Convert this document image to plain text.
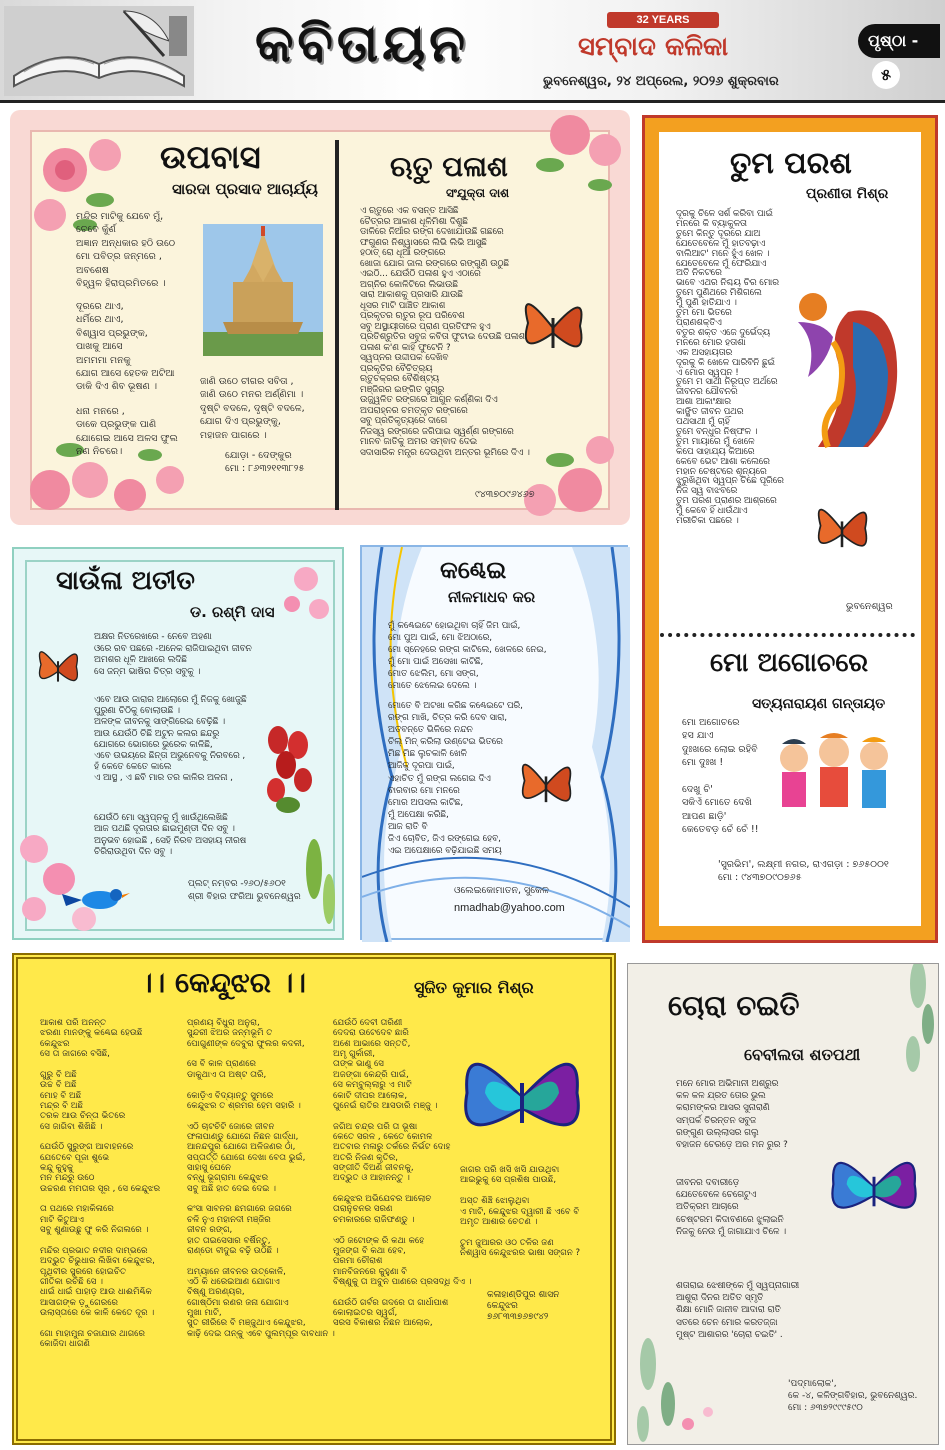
କବିତାୟନ	32 YEARS
ସମ୍ବାଦ କଳିକା
ଭୁବନେଶ୍ୱର, ୨୪ ଅପ୍ରେଲ, ୨୦୨୬ ଶୁକ୍ରବାର
ପୃଷ୍ଠା -୫
ଉପବାସ
ସାରଦା ପ୍ରସାଦ ଆଚାର୍ଯ୍ୟ
ମନ୍ଦିର ମାଟିକୁ ଯେବେ ମୁଁ,
ଚେବେ କୁଁର୍ଣ
ଅଜ୍ଞାନ ଅନ୍ଧକାର ହଠି ଉଠେ
ମୋ ପବିତ୍ର ଜନ୍ମରେ ,
ଅବଶେଷ
ବିହ୍ୱଳ ହିରାପ୍ରମିତରେ ।
ଦୂରରେ ଥାଏ,
ଧର୍ମିରେ ଥାଏ,
ବିଶ୍ୱାସ ପ୍ରଭୁଙ୍କ,
ପାଖକୁ ଆସେ
ଅମମମା ମନକୁ
ଯୋଗ ଆସେ ହେତକ ଅଟିଆ
ଡାକି ଦିଏ ଶିବ ଭୂଷଣ ।
ଧନା ମନରେ ,
ଡାକେ ପ୍ରଭୁଙ୍କ ପାଣି
ଯୋଗେଇ ଆସେ ଅଳସ ଫୁଲ
ନଣ ନିଚରେ।
ଜାଣି ଉଠେ ଚୀଗର ସବିତା ,
ଜାଣି ଉଠେ ମନର ଅର୍ଣ୍ଣିମା ।
ଦୃଷ୍ଟି ବଦଳେ, ଦୃଷ୍ଟି ବଦଳେ,
ଯୋଗ ଦିଏ ପ୍ରଭୁଙ୍କୁ,
ମହାଜନ ପାଗରେ ।
ଯୋଡ଼ା - ଦେଙ୍କୁର
ମୋ : ୮୬୩୨୧୧୩୮୨୫
ଋତୁ ପଳାଶ
ସଂଯୁକ୍ତା ଦାଶ
ଏ ଋତୁରେ ଏକ ବସନ୍ତ ଆସିଛି
ଚୈତ୍ରର ଆକାଶ ଧୂଳିମିଶା ଦିଶୁଛି
ଡାଳିରେ ନିଆଁର ରଙ୍ଗ ଦେଖାଯାଉଛି ଗଛରେ
ଫଗୁଣର ନିଶ୍ୱାସରେ ଲିଭି ଲିଭି ଆସୁଛି
ହଠାତ୍ ରୋ ଧୂଆଁ ରଙ୍ଗରେ
ଖୋଜା ଯୋଗ ଜାଲ ରଙ୍ଗରେ ରଙ୍ଗୁଣି ଉଠୁଛି
ଏଇଠି... ଯେଉଁଠି ପଳାଶ ହୁଏ ଏଠାରେ
ଅଗ୍ନିର କୋଳିଟିରେ ଲିଭାଉଛି
ସାରା ଆକାଶକୁ ପ୍ରସାରି ଯାଉଛି
ଧୂସର ମାଟି ପାଞ୍ଚିତ ଆକାଶ
ପ୍ରକୃତର ଋତୁର ରୂପ ପରିବେଶ
ସବୁ ଅସ୍ଥାୟୀତାରେ ପ୍ରାଣ ପ୍ରତିଫଳ ହୁଏ
ପ୍ରତିଶ୍ରୁତିର ସବୁଜ କବିତା ଫୁଟାଇ ଦେଉଛି ପଳାଶ
ପଳାଶ କ'ଣ କାହିଁ ଫୁଟେନି ?
ସ୍ୱପ୍ନର ଉଦ୍ଦୀପକ ଦେଖିବ
ପ୍ରକୃତିର ବୈଚିତ୍ର୍ୟ
ଋତୁଚକ୍ରର ବୈଶିଷ୍ଟ୍ୟ
ମଞ୍ଜିରର ଇଙ୍ଗିତ ସୁଚାରୁ
ଉଜ୍ଜ୍ୱଳିତ ରଙ୍ଗରେ ଆଗୁନ କର୍ଣ୍ଣିକା ଦିଏ
ଅପରାହ୍ନର ଚମତ୍କୃତ ରଙ୍ଗରେ
ସବୁ ପ୍ରତିକୃତ୍ୟରେ ଦାଗେ
ନିଜସ୍ୱ ରଙ୍ଗରେ ଜଗିପାଇ ସ୍ୱର୍ଣ୍ଣ ରଙ୍ଗରେ
ମାନବ ଜାତିକୁ ଅମର ସମ୍ବାଦ ଦେଇ
ସଦାସାରିକ ମନ୍ତ୍ର ଦେଉଥିବା ଅନ୍ତର ଭୂମିରେ ଦିଏ ।
୯୪୩୭୦୯୬୪୬୭
ତୁମ ପରଶ
ପ୍ରଣୀତା ମିଶ୍ର
ଦୂରକୁ ଚିଳେ ସର୍ଶ କରିବା ପାଇଁ
ମନରେ କି ବ୍ୟାକୁଳତା
ତୁମେ କିନ୍ତୁ ଦୂରରେ ଯାଅ
ଯେତେବେଳେ ମୁଁ ହାତବଢ଼ାଏ
ବାଲିଆଟ' ମନେ ହୁଁଏ ଖେଳ ।
ଯେତେବେଳେ ମୁଁ ଫେରିଯାଏ
ଅତି ନିକଟରେ
ଭାବେ ଏଥର ନିଶ୍ଚୟ ଚିର ମୋର
ତୁମେ ପୁଣିଥରେ ମିଶିଗଲେ
ମୁଁ ପୁଣି ହାତିଯାଏ ।
ତୁମ ମୋ ଭିତରେ
ପ୍ରାଣଶକ୍ତିଏ
ବତୁର ଶକ୍ତ ଏଜେ ଦୁର୍ଭେଦ୍ୟ
ମନରେ ମୋର ହତାଶା
ଏକ ଅସହାୟତାର
ଦୂରକୁ କି ଖେଳେ ପାରିବିନି ଛୁଇଁ
ଏ ମୋର ସ୍ୱପ୍ନ !
ତୁମେ ମ ସାଥୀ ନିରୂପ୍ତ ଅର୍ଥରେ
ଜୀବନର ଯୌବନର
ଆଶା ଆକାଂକ୍ଷାର
କାଙ୍କ୍ଷିତ ଜୀବନ ପଥର
ପଥସାଥୀ ମୁଁ ଚାହିଁ
ତୁମେ ବନ୍ଧୁର ନିଷ୍ଫଳ ।
ତୁମ ମାୟାରେ ମୁଁ ଖେଳେ
କପେ ସାହାଯ୍ୟ କିଆରେ
କେବେ ଭେଟ ଆଶା କଲେରେ
ମହାନ ଚେଷ୍ଟରେ ଶୂନ୍ୟରେ
ଝୁରୁଖିଥିବା ସ୍ୱପ୍ନ ଚିଛେ ପୂରିରେ
ନିଜ ସ୍ୱ ବାଝବରେ
ତୁମ ପରଶ ପ୍ରାଣର ଆଶ୍ରରେ
ମୁଁ କେବେ ହିଁ ଧାଉଁଥାଏ
ମରୀଚିକା ପଛରେ ।
ଭୁବନେଶ୍ୱର
ମୋ ଅଗୋଚରେ
ସତ୍ୟନାରାୟଣ ଗନ୍ତାୟତ
ମୋ ଅଗୋଚରେ
ହସ ଯାଏ
ଦୁଃଖରେ ଲୋଇ ରହିବି
ମୋ ଦୁଃଖ !

ଦେଖୁ ଚି'
ସକିଏଁ ମୋତେ ଦେଖି
ଆପଣ ଛାଡ଼ି'
କେତେବଡ଼ ଚେଁ ଚେଁ !!
'ସୁରଭିମ', ଲକ୍ଷ୍ମୀ ନଗର, ରାଏଗଡ଼ା : ୭୬୫୦୦୧
ମୋ : ୯୪୩୭୦୯୦୭୬୫
ସାଉଁଳା ଅତୀତ
ଡ. ରଶ୍ମି ଦାସ
ଅକ୍ଷର ନିତରେଖରେ - ନେବେ ଅହଣା
ଓରେ ରବ ପଛରେ -ଅନେକ ରାଜିପାଇଥିବା ଜୀବନ
ଅମଶର ଧୂଳି ଆଖରେ ଲଦିଛି
ସେ ଜନ୍ମ ଭାଷିର ଚିତ୍ର ସବୁକୁ ।
ଏବେ ଆଉ ଜାରାର ଆଲୋରେ ମୁଁ ନିଜକୁ ଖୋଜୁଛି
ପୁରୁଣା ଚିଠିକୁ ବୋଲାଉଛି ।
ଅଳଙ୍କ ଜୀବନକୁ ସାଙ୍ଗିରେଇ ବେଢ଼ିଛି ।
ଆଉ ଯେଉଁଠି ଚିଛି ଅଟୁନ କଲର ଛନ୍ଦରୁ
ଯୋଗରେ ଭୋଗରେ ଭୁରେକ କାଳିଛି,
ଏବେ ଉଭୟରେ ଛିନ୍ତା ଅଭୁନେବକୁ ନିରବରେ ,
ହଁ କେତେ କେତେ କାଲେ
ଏ ଆସ୍ଥ , ଏ ଛବି ମାର ତର କାଳିର ଅଳନା ,
ଯେଉଁଠି ମୋ ସ୍ୱପ୍ନକୁ ମୁଁ ଖାଉଁଥିଲେଖିଛି
ଆଜ ପଥଛି ଦୂରତାର ଛାଇମୁଣ୍ଡୀ ଦିନ ସବୁ ।
ଅନୁଭବ ହୋଇଛି , ସେହି ନିରବ ଅସହାୟ ନୀରଷ
ଚିରିରାଉଥିବା ଦିନ ସବୁ ।
ପ୍ଲଟ୍ ନମ୍ବର -୨୬୦/୫୬୦୧
ଶ୍ରୀ ବିହାର ଫରିଆ ଭୁବନେଶ୍ୱର
କଣ୍ଢେଇ
ନୀଳମାଧବ କର
ମୁଁ କଣ୍ଢେଇଟେ ହୋଇଥିବା ଚାହିଁ ଜିମ ପାଇଁ,
ମୋ ପୁଅ ପାଇଁ, ମୋ ଝିଅଠାରେ,
ମୋ ସ୍ନେହରେ ରଙ୍ଗ କାଟିଲେ, ଖେଳରେ ନେଇ,
ମୁଁ ମୋ ପାଇଁ ଅସେଖା କାଟିଛି,
ମୋତ ଝେଲିମ, ମୋ ସଙ୍ଗ,
ମୋତେ ଝେଲେଇ ଦେଲେ ।
ମୋତେ ବି ଅଟଖା କରିଛ କଣ୍ଢେଇଟେ ପରି,
ରଙ୍ଗ ମାଖି, ଚିତ୍ର କରି ଦେବ ସାରା,
ଅତବନ୍ତେ ଭିଳିରେ ନନ୍ଦନ
ଚିଲ୍ ମିନ୍ କରିଲା ଉଣ୍ଟେଇ ଭିତରେ
ମିଛ ମିଛ ଲୁଚକାଳି ଖେଳି
ଆଜିକୁ ଦୂରପା ପାଇଁ,
ଏହାଚିତ ମୁଁ ରଙ୍ଗ ଲଗେଇ ଦିଏ
ବାରବାର ମୋ ମନରେ
ମୋର ଅପସଲ କାଟିଛ,
ମୁଁ ଅପେକ୍ଷା କରିଛି,
ଆଜ ରାତି ବି
ଜିଏ ଚୋବିତ, ଜିଏ ରଙ୍ଗେଇ ହେବ,
ଏଇ ଅପେକ୍ଷାରେ ବଢ଼ିଯାଇଛି ସମୟ
ଓଲେଇକୋମାତନ, ସୁକେଳ
nmadhab@yahoo.com
।। କେନ୍ଦୁଝର ।।	ସୁଜିତ କୁମାର ମିଶ୍ର
ଆକାଶ ପରି ଅନନ୍ତ
ଝରଣା ମାନଙ୍କୁ କଣ୍ଢେଇ ହେଉଛି
କେନ୍ଦୁଝର
ସେ ତା ଜାଗରେ ବସିଛି,

ଗୁରୁ ବି ଅଛି
ଉଚ୍ଚ ବି ଅଛି
ମୋହ ବି ଅଛି
ମନ୍ଦ୍ର ବି ଅଛି
ତରକ ଆଉ ଚିନ୍ତା ଭିତରେ
ସେ ଜାଗିବା ଶିଖିଛି ।

ଯେଉଁଠି ସୁରୁଙ୍ଗ ଆବାହନରେ
ଯେତେବେ ପୂଜା ଶୁଭେ
କନ୍ଦୁ କୁହୁକୁ
ମନ ମନ୍ଦ୍ରୁ ଉଠେ
ଉଚ୍ଚରଣ ମମତାର ସୂର , ସେ କେନ୍ଦୁଝର

ତା ପଥରେ ମହାକିଳାରେ
ମାଟି କିତୁଆଏ
ସବୁ ଶୁଣାଉଛୁ ଫୁ କରି ନିଗଲରେ ।

ମନ୍ଦିର ପ୍ରଭାତ ନଦୀର ଦାମ୍ଭରେ
ଅଦ୍ଭୁତ ଚିଭୁଧାର ଲିଖିବା କେନ୍ଦୁଝର,
ପୃଥିବୀର ସୁରରେ ହୋଇଚିତ
ଗୀତିକା ରଚିଛି ସେ ।
ଧାଇଁ ଧାଇଁ ପାହାଡ଼ ଆଉ ଧାଈମିଣ୍ଢିକ
ଆସାଗଙ୍କ ଡ଼ୁଗେରରେ
ଉଲାସ୍ତାରେ କେ କାଳି କେତେ ଦୂର ।

ଗୋ ମାହାମୁନା ଚଜାଯାର ଥାଗରେ
କୋଜିଦା ଧାଗଣି
ପ୍ରଣୟ ବିଧୁରା ଅନୁରା,
ସୁନ୍ଦରୀ ଝିଅର ଜନ୍ମଭୂମି ତ
ପୋଗୁଣୀଙ୍କ ଦେବୁରା ଫୁଲର କଦଳୀ,

ସେ ବି କାଳ ପ୍ରାଣରେ
ଡାକୁଥାଏ ତା ଅଷ୍ଟ ତାରି,

କୋଡ଼ିଏ ବିଦ୍ୟାନ୍ତୁ ସୁମରେ
କେନ୍ଦୁଝର ତ ଶ୍ରମର ହେମ ସହାରି ।

ଏଠି ଚାଟଚିଟି ଜୋରେ ଜୀବନ
ଫଳାପାଣ୍ଡୁ ଯୋଗେ ନିଛନ ଗାର୍ଦ୍ଧା,
ଆନନ୍ଦପୁର ଯୋଗେ ଅଳିଜଣର ଠାଁ,
ସପ୍ତାର୍ତ୍ତି ଯୋଗେ ଦେଖା ବେତା ଭୁଇଁ,
ସାହାସୁ ଘେନେ
ବନ୍ଧୁ ଭୂଗ୍ରାମା କେନ୍ଦୁଝର
ସବୁ ଅଛି ହାତ ଦେଇ ଦେଇ ।

କଂସା ସାବନର ଛମଗାରେ ଜଗରେ
ଚଳି ନୁଏ ମହାନଦୀ ମଞ୍ଜିର
ଜୀବନ ରଙ୍ଗ,
ହାତ ତାଇସେସାର ବର୍ଷିନ୍ତୁ,
ରାଣ୍ଡୋ ବୀଦୁଇ ବଢ଼ି ଉଠିଛି ।

ଅମ୍ୟାନେ ଜୀବନର ଉତ୍କୋଳି,
ଏଠି କି ଧରେଇଆଣ ଯୋଗାଏ
ବିଷ୍ଣୁ ଅରଣ୍ୟର,
ଗୋଷ୍ଠିମା ରଣର ଜନା ଯୋଗାଏ
ମୁଖା ମାଟି,
ସୁତ ରୀରିରେ ବି ମଞ୍ଜୁଥାଏ କେନ୍ଦୁଝର,
କାଢ଼ି ଦେଇ ତାନ୍କୁ ଏବେ ପୁଲମ୍ପୂର ଦାବଧାନ ।
ଯେଉଁଠି ଦେବୀ ତାରିଣୀ
ଦେଦରା ଉଟେଦେବ ଛାରି
ଅଶେ ଆଭାରେ ସନ୍ତତି,
ଅମୃ ଗୁର୍କାରୀ,
ତାଙ୍କ ଭାଣୁ ସେ
ଅଜଙ୍ଗା କେନ୍ଦ୍ରି ପାଇଁ,
ସେ କମ୍ବୁଲ୍ଲାରୁ ଏ ମାଟି
କୋଟି ଦୀପର ଆଲୋକ,
ପୁନେଇଁ ରାତିର ଆସଡାରି ମଞ୍ଜୁ ।

ଜଗିଅ ଚନ୍ଦ୍ର ପରି ତା ଭୂଷା
କେତେ ସରଳ , କେତେ କୋମଳ
ଅତବାର ମଳାରୁ ତର୍କରେ ନିର୍ଭଟ ଦୋହ
ଅତରି ନିଜଣ କୃତିର,
ସଙ୍ଗୀତି ଦିଅଣି ଜୀବନକୁ,
ଅଦ୍ଭୁତ ଓ ଆହାନନ୍ତୁ ।

କେନ୍ଦୁଝର ଅଭିଯେବର ଆଲୋଚ
ତାରାନୁଚନର ସରଣ
ଚମକାରରେ ରାଜିଫଣ୍ଡୁ ।

ଏଠି ଜଟୋଙ୍କ ରି କଥା କହେ
ମୁଜଙ୍ଗ ବି କଥା ହେବ,
ପରମା ଚୌରାଶ
ମାନବିଜନରେ କୁହୁଣା ବି
ବିଷ୍ଣୁକୁ ତା ଅବୁନ ପାଣରେ ପ୍ରସଦ୍ଧି ଦିଏ ।

ଯେଉଁଠି ଗର୍ବର ଗଦରେ ତା ଗାର୍ଧାପାଶ
କୋଲାଇତର ସ୍ୱର୍ଗ,
ସରସ ବିକାଶର ନିଛନ ଆଲୋକ,
ଜାଗର ପରି ଖସି ଖସି ଯାଉଥିବା
ଆଇଭୁକୁ ସେ ପ୍ରଶିଷ ପାଉଛି,

ଅସ୍ତ ଶିଞ୍ଚି ଝୋଲୁଥିବା
ଏ ମାଟି, କେନ୍ଦୁଝର ଦ୍ୱାରୀ ଛି ଏବେ ବି
ଅମୃତ ଆଶାର ଚେତଣ ।

ତୁମ ଜୁଆରର ଓଠ ତଳିର ଜଣ
ନିଶ୍ୱାସ କେନ୍ଦୁଝରର ଭାଷା ସଙ୍ଗନ ?
କଳାହାଣ୍ଡିପୁର ଶାସନ
କେନ୍ଦୁଝର
୭୬୮୩୩୭୬୭୯୪୨
ଚୋରା ଚଇତି
ବେବୀଲତା ଶତପଥୀ
ମନେ ମୋର ଅଭିମାନୀ ଅଶ୍ରୁର
କଳ କଳ ଯ୍ରତ ତୋର ଭୁଲ
କରାମଙ୍କର ଆସର ସୁନାରାଣି
ସମ୍ପର୍କ ଚିରନ୍ତନ ସବୁଜ
ରଙ୍ଗୁଣ ଉଲ୍ଲାସର ଗଲୁ
ବହାଜନ ଚେରଡ଼େ ଅର ମନ ରୁର ?
ଜୀବନର ଦବାରୀଡ଼େ
ଯେତେବେଳେ ଚେଗେଟୁଏ
ଅତିକ୍ରମ ଆଚାରେ
ଚେଷ୍ଟରମ କିଦାବଣରେ ଝୁଲାଇନି
ନିଜକୁ ନେଉ ମୁଁ ଜାଗାଯାଏ ଚିଳେ ।
ଶତାରାଇ ଝେଷୀଙ୍କେ ମୁଁ ସ୍ୱପ୍ନାଗାରୀ
ଆଶୁରା ଦିନର ଅତିତ ସ୍ମୃତି
ଶିକ୍ଷା ମୋନି ଜାନୀବ ଆଦାରା ରାତି
ସତରେ ଚେନ ମୋର କରତଜ୍ଜା
ମୁଷ୍ଟ ଆଶାରର 'ଚୋରା ଚଇତି' .
'ପଦ୍ମାଲୋକ',
କେ -୪, କଳିଙ୍ଗବିହାର, ଭୁବନେଶ୍ୱର.
ମୋ : ୬୩୭୨୯୯୯୫୯୦
